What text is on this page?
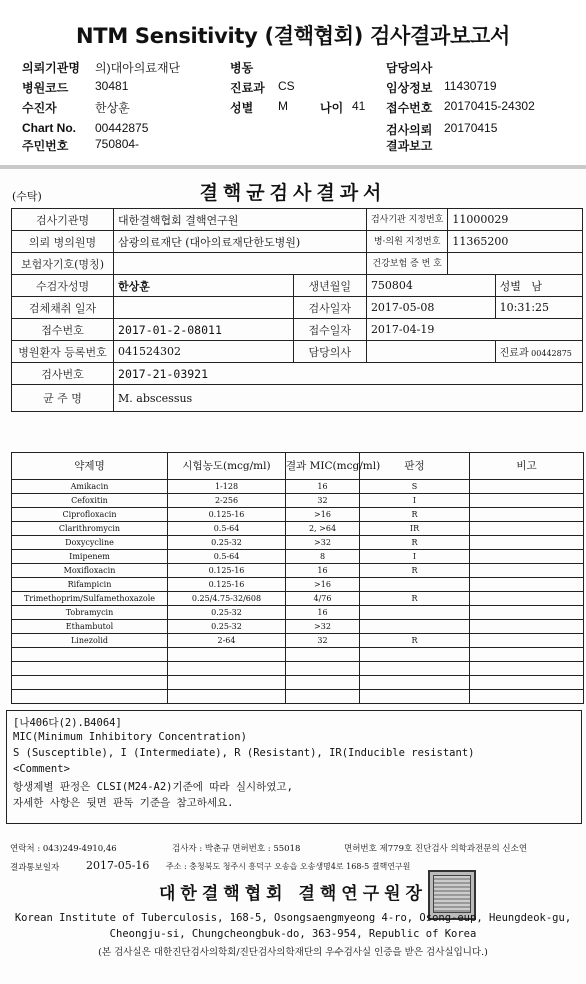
NTM Sensitivity (결핵협회) 검사결과보고서
의뢰기관명 의)대아의료재단	병동	담당의사
병원코드 30481	진료과 CS	임상정보 11430719
수진자	한상훈	성별 M	나이 41 접수번호 20170415-24302
Chart No. 00442875	검사의뢰 20170415
주민번호 750804-	결과보고
(수탁)	결핵균검사결과서
검사기관명	대한결핵협회 결핵연구원		검사기관 지정번호	11000029	
의뢰 병의원명	삼광의료재단 (대아의료재단한도병원)		병·의원 지정번호	11365200	
보험자기호(명칭)			건강보험 증 번 호		
수검자성명	한상훈	생년월일	750804		성별 남
검체채취 일자		검사일자	2017-05-08		10:31:25
접수번호	2017-01-2-08011	접수일자	2017-04-19		
병원환자 등록번호	041524302	담당의사			진료과 00442875
검사번호	2017-21-03921				
균 주 명	M. abscessus				
약제명	시험농도(mcg/ml)	결과 MIC(mcg/ml)	판정	비고
Amikacin	1-128	16	S	
Cefoxitin	2-256	32	I	
Ciprofloxacin	0.125-16	>16	R	
Clarithromycin	0.5-64	2, >64	IR	
Doxycycline	0.25-32	>32	R	
Imipenem	0.5-64	8	I	
Moxifloxacin	0.125-16	16	R	
Rifampicin	0.125-16	>16		
Trimethoprim/Sulfamethoxazole	0.25/4.75-32/608	4/76	R	
Tobramycin	0.25-32	16		
Ethambutol	0.25-32	>32		
Linezolid	2-64	32	R	

[나406다(2).B4064]
MIC(Minimum Inhibitory Concentration)
S (Susceptible), I (Intermediate), R (Resistant), IR(Inducible resistant)
<Comment>
항생제별 판정은 CLSI(M24-A2)기준에 따라 실시하였고,
자세한 사항은 뒷면 판독 기준을 참고하세요.
연락처 : 043)249-4910,46	검사자 : 박춘규 면허번호 : 55018	면허번호 제779호 진단검사 의학과전문의 신소연
결과통보일자 2017-05-16 주소 : 충청북도 청주시 흥덕구 오송읍 오송생명4로 168-5 결핵연구원
대한결핵협회 결핵연구원장
Korean Institute of Tuberculosis, 168-5, Osongsaengmyeong 4-ro, Osong-eup, Heungdeok-gu,
Cheongju-si, Chungcheongbuk-do, 363-954, Republic of Korea
(본 검사실은 대한진단검사의학회/진단검사의학재단의 우수검사실 인증을 받은 검사실입니다.)
